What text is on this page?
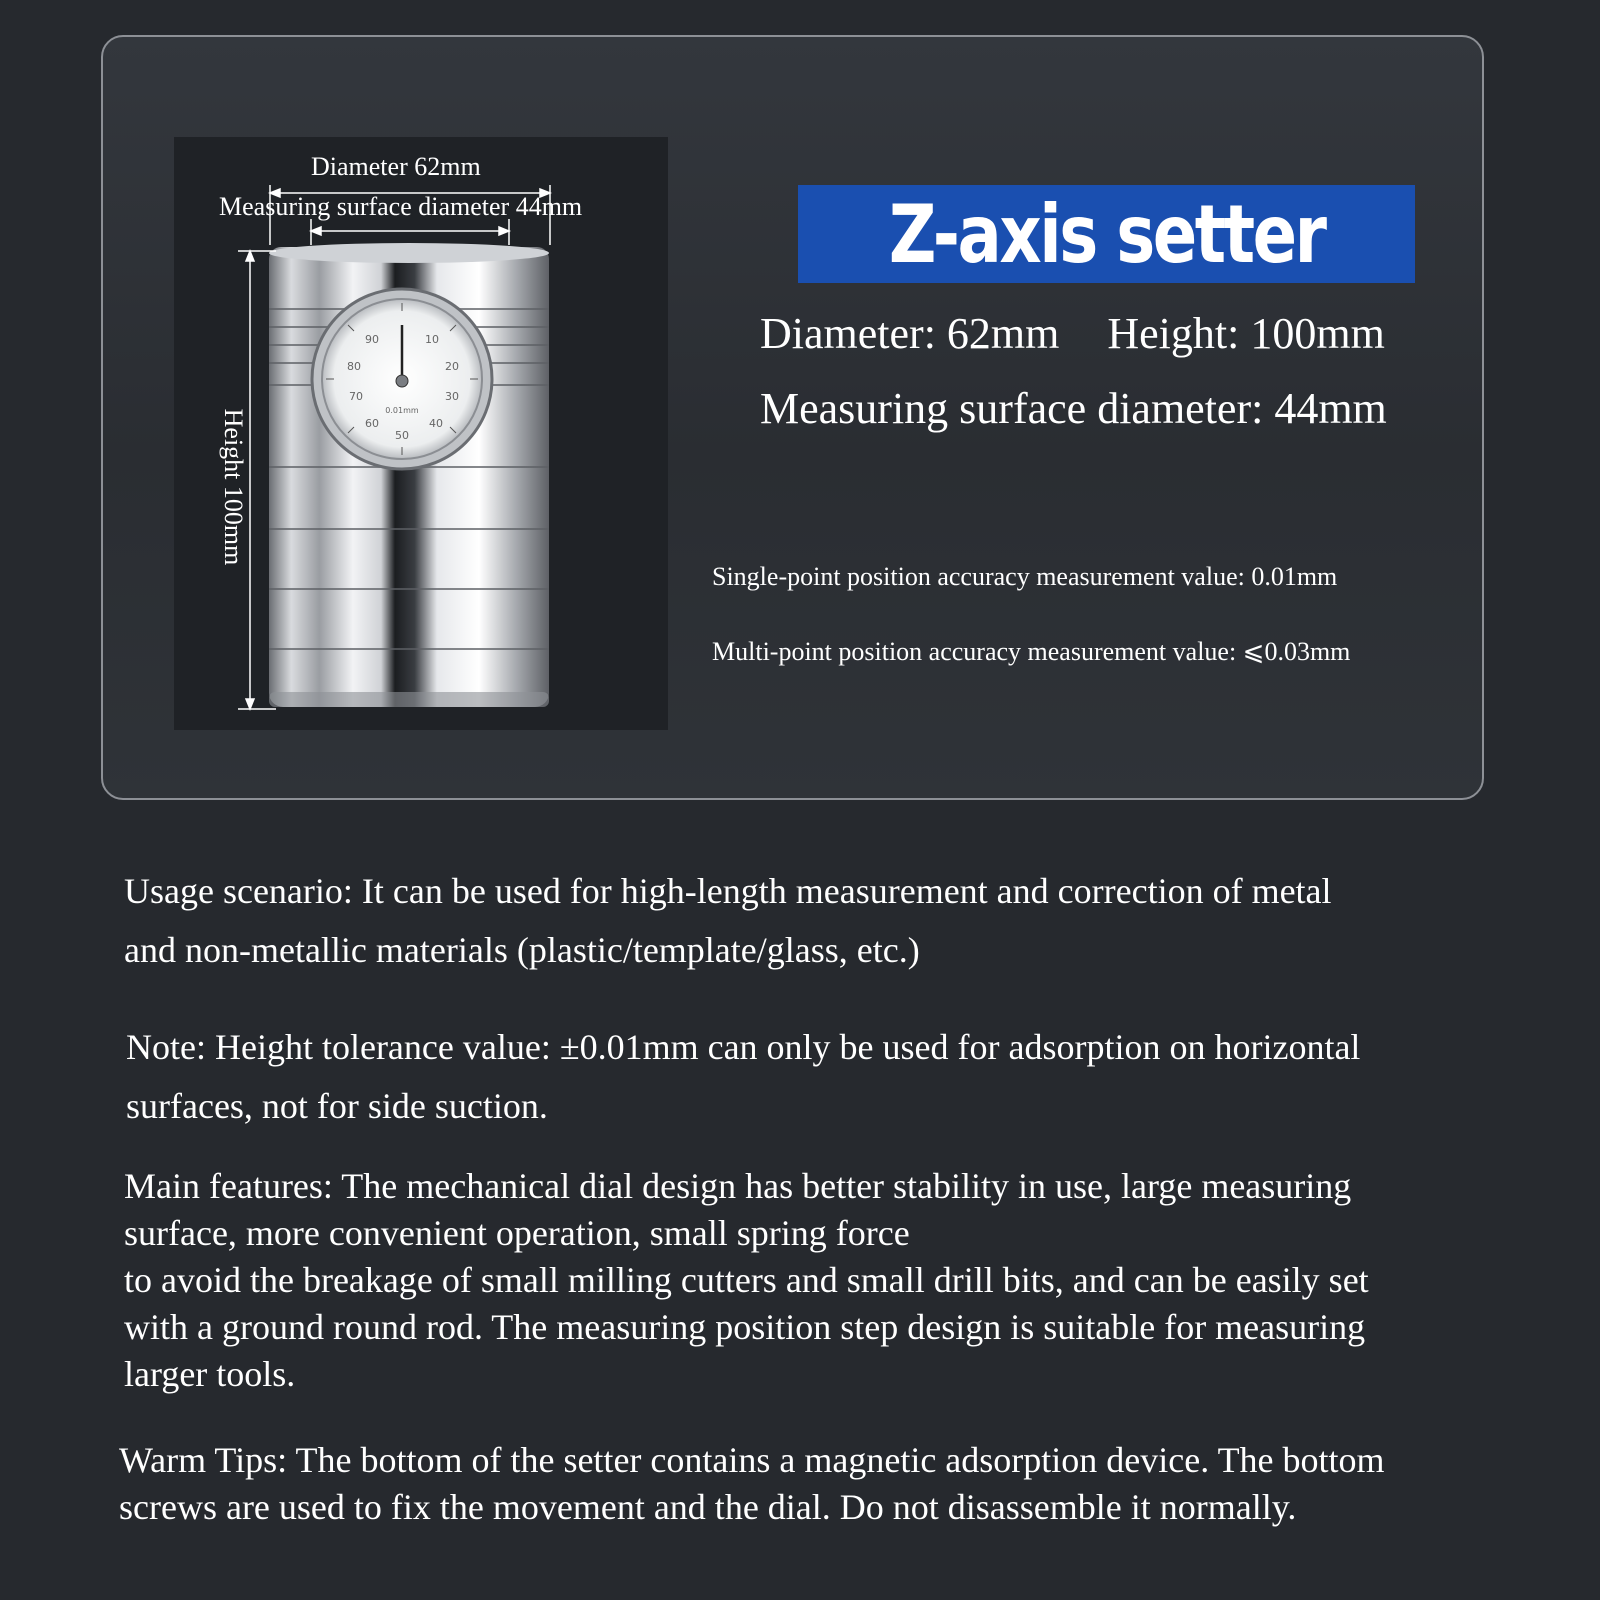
90	10
80	20
70	30
60	40
50
0.01mm
Diameter 62mm
Measuring surface diameter 44mm
Height 100mm
Z-axis setter
Diameter: 62mm Height: 100mm
Measuring surface diameter: 44mm
Single-point position accuracy measurement value: 0.01mm
Multi-point position accuracy measurement value: ⩽0.03mm
Usage scenario: It can be used for high-length measurement and correction of metal
and non-metallic materials (plastic/template/glass, etc.)
Note: Height tolerance value: ±0.01mm can only be used for adsorption on horizontal
surfaces, not for side suction.
Main features: The mechanical dial design has better stability in use, large measuring
surface, more convenient operation, small spring force
to avoid the breakage of small milling cutters and small drill bits, and can be easily set
with a ground round rod. The measuring position step design is suitable for measuring
larger tools.
Warm Tips: The bottom of the setter contains a magnetic adsorption device. The bottom
screws are used to fix the movement and the dial. Do not disassemble it normally.
